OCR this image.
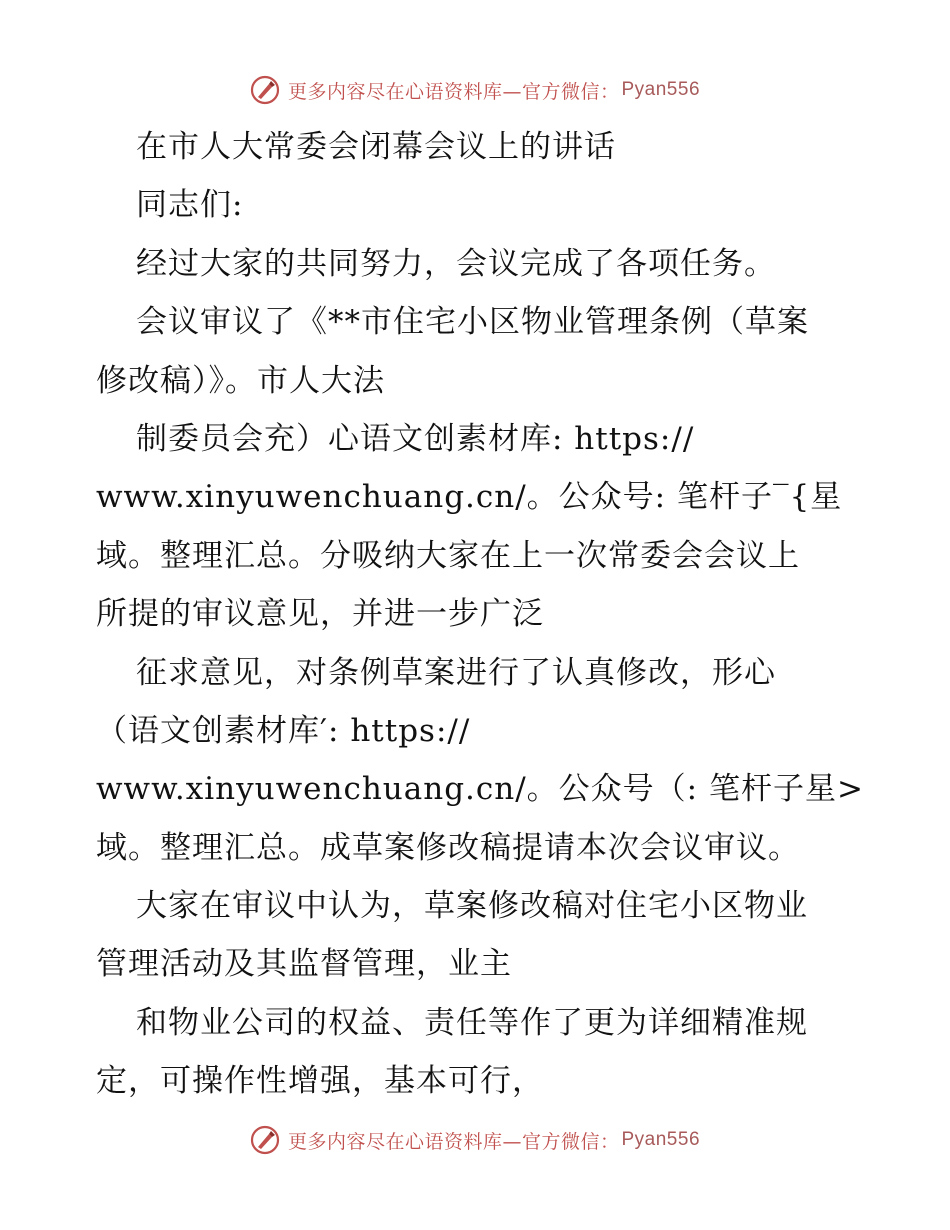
更多内容尽在心语资料库—官方微信： Pyan556
在市人大常委会闭幕会议上的讲话
同志们:
经过大家的共同努力，会议完成了各项任务。
会议审议了《**市住宅小区物业管理条例（草案
修改稿）》。市人大法
制委员会充）心语文创素材库: https://
www.xinyuwenchuang.cn/。公众号: 笔杆子‾{星
域。整理汇总。分吸纳大家在上一次常委会会议上
所提的审议意见，并进一步广泛
征求意见，对条例草案进行了认真修改，形心
（语文创素材库′: https://
www.xinyuwenchuang.cn/。公众号（: 笔杆子星>
域。整理汇总。成草案修改稿提请本次会议审议。
大家在审议中认为，草案修改稿对住宅小区物业
管理活动及其监督管理，业主
和物业公司的权益、责任等作了更为详细精准规
定，可操作性增强，基本可行，
更多内容尽在心语资料库—官方微信： Pyan556
